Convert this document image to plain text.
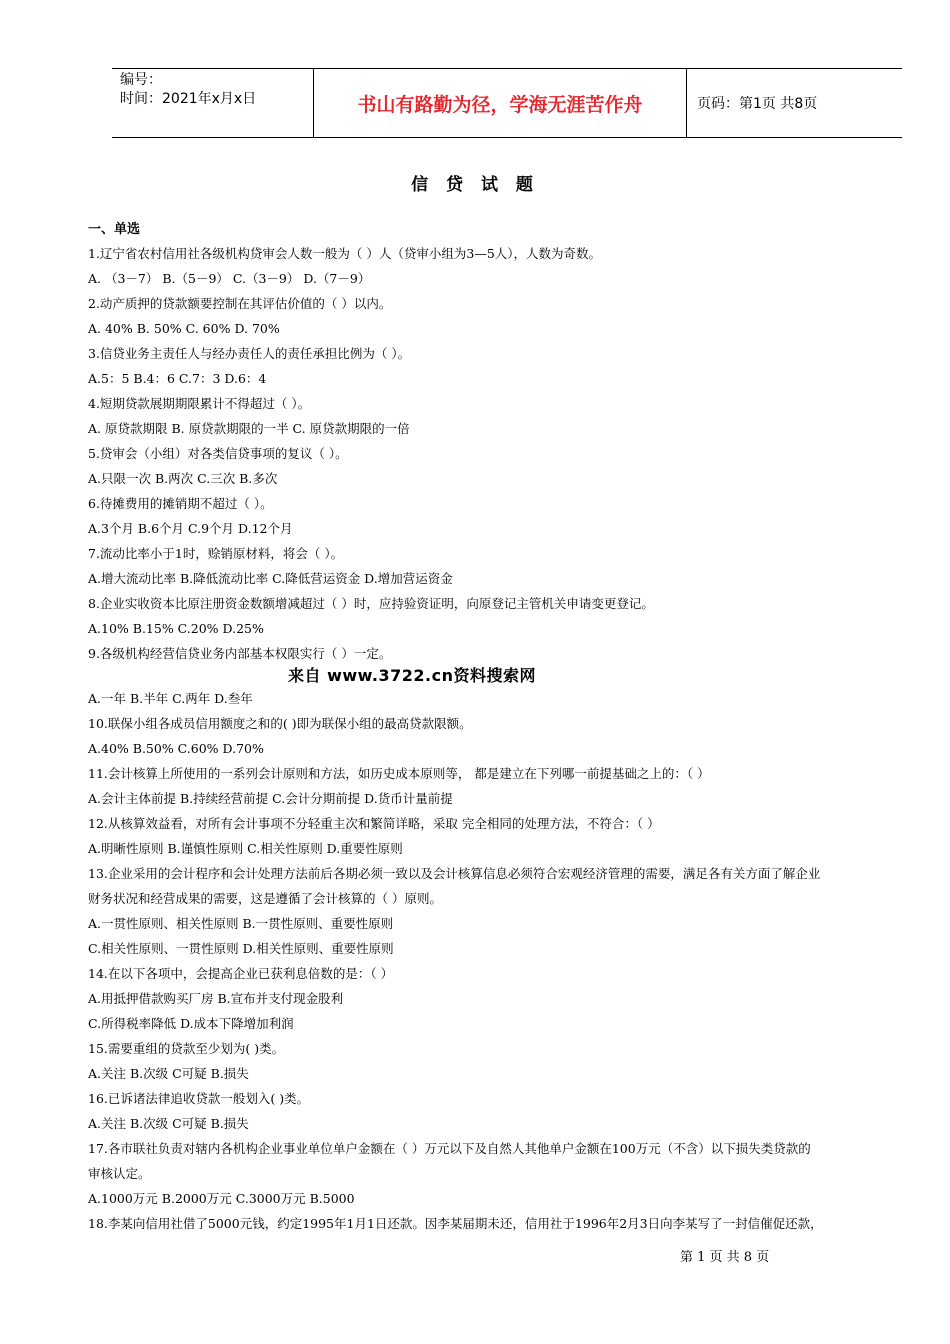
编号：
时间：2021年x月x日	书山有路勤为径，学海无涯苦作舟	页码：第1页 共8页
信 贷 试 题
一、单选
1.辽宁省农村信用社各级机构贷审会人数一般为（ ）人（贷审小组为3—5人），人数为奇数。
A. （3－7） B.（5－9） C.（3－9） D.（7－9）
2.动产质押的贷款额要控制在其评估价值的（ ）以内。
A. 40% B. 50% C. 60% D. 70%
3.信贷业务主责任人与经办责任人的责任承担比例为（ ）。
A.5：5 B.4：6 C.7：3 D.6：4
4.短期贷款展期期限累计不得超过（ ）。
A. 原贷款期限 B. 原贷款期限的一半 C. 原贷款期限的一倍
5.贷审会（小组）对各类信贷事项的复议（ ）。
A.只限一次 B.两次 C.三次 B.多次
6.待摊费用的摊销期不超过（ ）。
A.3个月 B.6个月 C.9个月 D.12个月
7.流动比率小于1时，赊销原材料，将会（ ）。
A.增大流动比率 B.降低流动比率 C.降低营运资金 D.增加营运资金
8.企业实收资本比原注册资金数额增减超过（ ）时，应持验资证明，向原登记主管机关申请变更登记。
A.10% B.15% C.20% D.25%
9.各级机构经营信贷业务内部基本权限实行（ ）一定。
A.一年 B.半年 C.两年 D.叁年
来自 www.3722.cn资料搜索网
10.联保小组各成员信用额度之和的( )即为联保小组的最高贷款限额。
A.40% B.50% C.60% D.70%
11.会计核算上所使用的一系列会计原则和方法，如历史成本原则等， 都是建立在下列哪一前提基础之上的：（ ）
A.会计主体前提 B.持续经营前提 C.会计分期前提 D.货币计量前提
12.从核算效益看，对所有会计事项不分轻重主次和繁简详略，采取 完全相同的处理方法，不符合：（ ）
A.明晰性原则 B.谨慎性原则 C.相关性原则 D.重要性原则
13.企业采用的会计程序和会计处理方法前后各期必须一致以及会计核算信息必须符合宏观经济管理的需要，满足各有关方面了解企业
财务状况和经营成果的需要，这是遵循了会计核算的（ ）原则。
A.一贯性原则、相关性原则 B.一贯性原则、重要性原则
C.相关性原则、一贯性原则 D.相关性原则、重要性原则
14.在以下各项中，会提高企业已获利息倍数的是：（ ）
A.用抵押借款购买厂房 B.宣布并支付现金股利
C.所得税率降低 D.成本下降增加利润
15.需要重组的贷款至少划为( )类。
A.关注 B.次级 C可疑 B.损失
16.已诉诸法律追收贷款一般划入( )类。
A.关注 B.次级 C可疑 B.损失
17.各市联社负责对辖内各机构企业事业单位单户金额在（ ）万元以下及自然人其他单户金额在100万元（不含）以下损失类贷款的
审核认定。
A.1000万元 B.2000万元 C.3000万元 B.5000
18.李某向信用社借了5000元钱，约定1995年1月1日还款。因李某届期未还，信用社于1996年2月3日向李某写了一封信催促还款，
第 1 页 共 8 页
